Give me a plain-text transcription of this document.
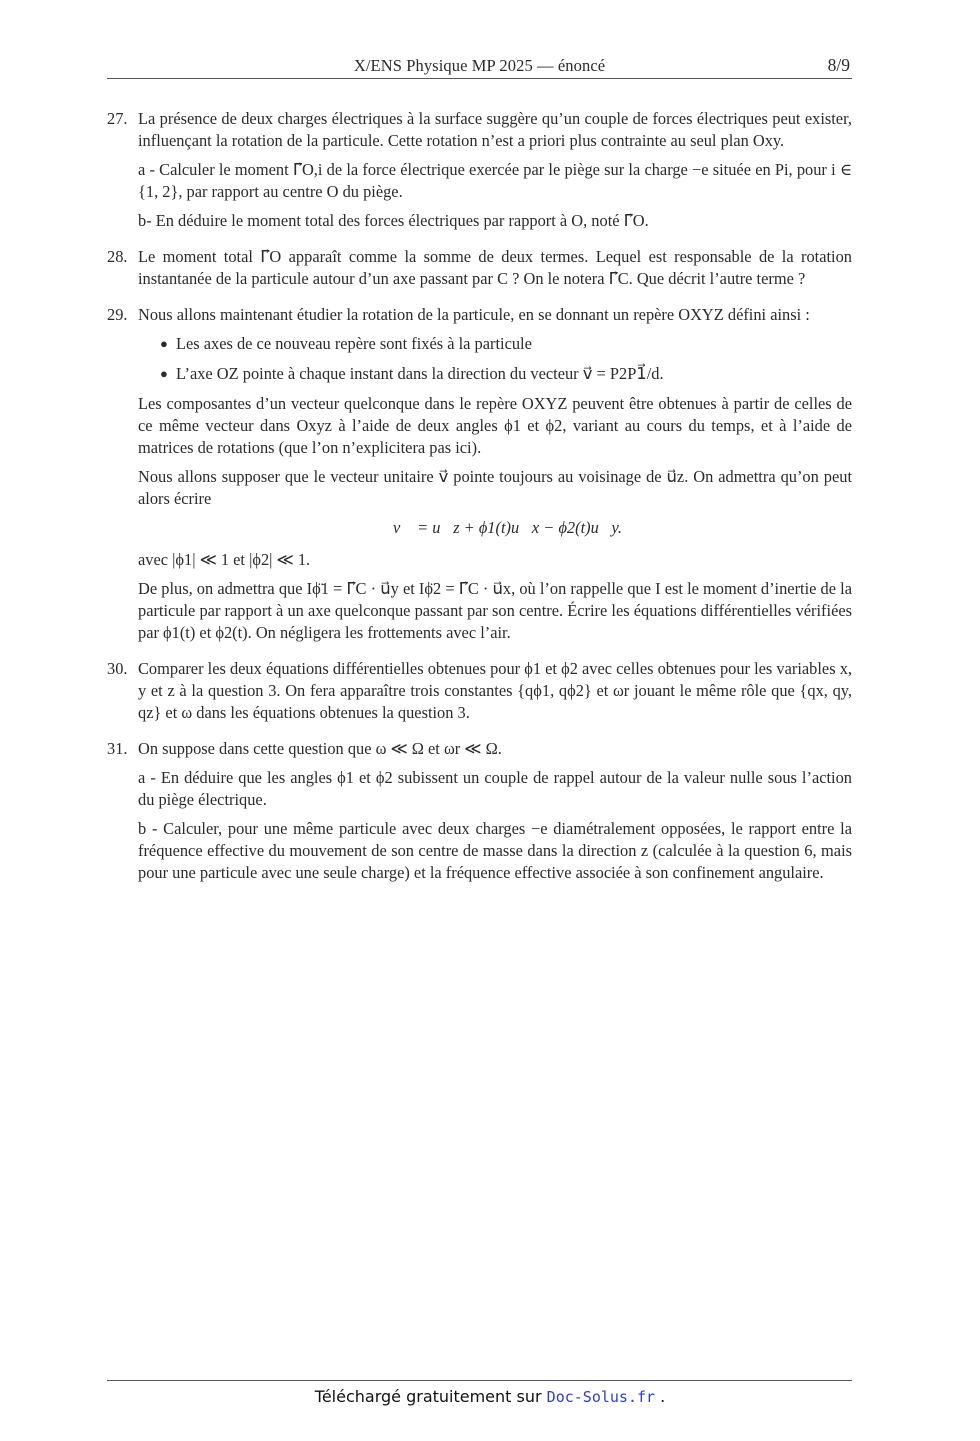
X/ENS Physique MP 2025 — énoncé	8/9
27. La présence de deux charges électriques à la surface suggère qu’un couple de forces électriques peut exister, influençant la rotation de la particule. Cette rotation n’est a priori plus contrainte au seul plan Oxy.

a - Calculer le moment Γ⃗O,i de la force électrique exercée par le piège sur la charge −e située en Pi, pour i ∈ {1, 2}, par rapport au centre O du piège.

b- En déduire le moment total des forces électriques par rapport à O, noté Γ⃗O.

28. Le moment total Γ⃗O apparaît comme la somme de deux termes. Lequel est responsable de la rotation instantanée de la particule autour d’un axe passant par C ? On le notera Γ⃗C. Que décrit l’autre terme ?

29. Nous allons maintenant étudier la rotation de la particule, en se donnant un repère OXYZ défini ainsi :

● Les axes de ce nouveau repère sont fixés à la particule
● L’axe OZ pointe à chaque instant dans la direction du vecteur v⃗ = P2P1⃗/d.

Les composantes d’un vecteur quelconque dans le repère OXYZ peuvent être obtenues à partir de celles de ce même vecteur dans Oxyz à l’aide de deux angles ϕ1 et ϕ2, variant au cours du temps, et à l’aide de matrices de rotations (que l’on n’explicitera pas ici).

Nous allons supposer que le vecteur unitaire v⃗ pointe toujours au voisinage de u⃗z. On admettra qu’on peut alors écrire

v⃗ = u⃗z + ϕ1(t)u⃗x − ϕ2(t)u⃗y.

avec |ϕ1| ≪ 1 et |ϕ2| ≪ 1.

De plus, on admettra que Iϕ̈1 = Γ⃗C · u⃗y et Iϕ̈2 = Γ⃗C · u⃗x, où l’on rappelle que I est le moment d’inertie de la particule par rapport à un axe quelconque passant par son centre. Écrire les équations différentielles vérifiées par ϕ1(t) et ϕ2(t). On négligera les frottements avec l’air.

30. Comparer les deux équations différentielles obtenues pour ϕ1 et ϕ2 avec celles obtenues pour les variables x, y et z à la question 3. On fera apparaître trois constantes {qϕ1, qϕ2} et ωr jouant le même rôle que {qx, qy, qz} et ω dans les équations obtenues la question 3.

31. On suppose dans cette question que ω ≪ Ω et ωr ≪ Ω.

a - En déduire que les angles ϕ1 et ϕ2 subissent un couple de rappel autour de la valeur nulle sous l’action du piège électrique.

b - Calculer, pour une même particule avec deux charges −e diamétralement opposées, le rapport entre la fréquence effective du mouvement de son centre de masse dans la direction z (calculée à la question 6, mais pour une particule avec une seule charge) et la fréquence effective associée à son confinement angulaire.

Téléchargé gratuitement sur Doc-Solus.fr .
